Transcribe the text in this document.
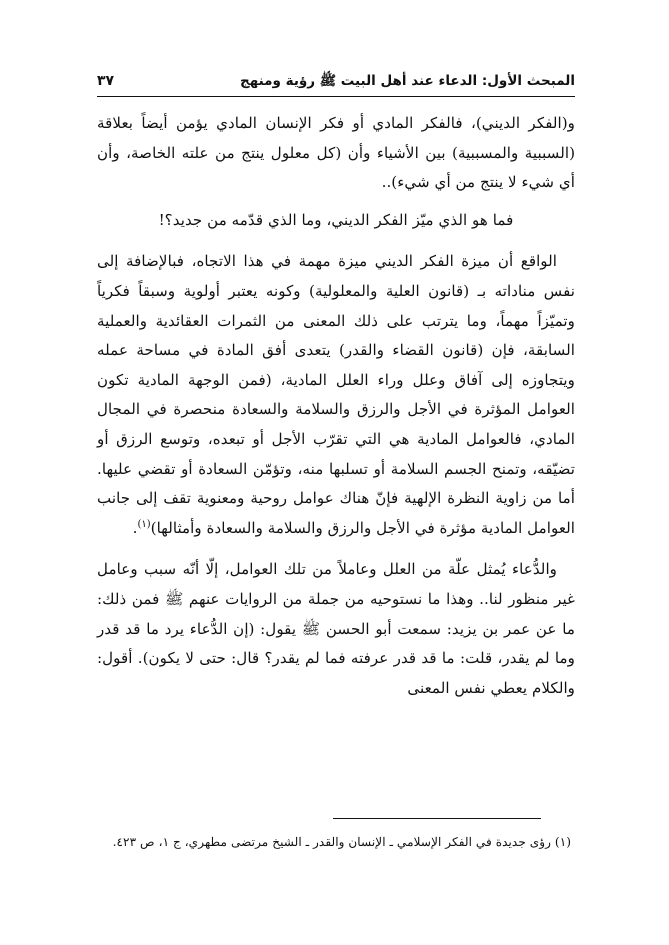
المبحث الأول: الدعاء عند أهل البيت ﷺ رؤية ومنهج
٣٧

و(الفكر الديني)، فالفكر المادي أو فكر الإنسان المادي يؤمن أيضاً بعلاقة (السببية والمسببية) بين الأشياء وأن (كل معلول ينتج من علته الخاصة، وأن أي شيء لا ينتج من أي شيء)..

فما هو الذي ميّز الفكر الديني، وما الذي قدّمه من جديد؟!

الواقع أن ميزة الفكر الديني ميزة مهمة في هذا الاتجاه، فبالإضافة إلى نفس مناداته بـ (قانون العلية والمعلولية) وكونه يعتبر أولوية وسبقاً فكرياً وتميّزاً مهماً، وما يترتب على ذلك المعنى من الثمرات العقائدية والعملية السابقة، فإن (قانون القضاء والقدر) يتعدى أفق المادة في مساحة عمله ويتجاوزه إلى آفاق وعلل وراء العلل المادية، (فمن الوجهة المادية تكون العوامل المؤثرة في الأجل والرزق والسلامة والسعادة منحصرة في المجال المادي، فالعوامل المادية هي التي تقرّب الأجل أو تبعده، وتوسع الرزق أو تضيّقه، وتمنح الجسم السلامة أو تسلبها منه، وتؤمّن السعادة أو تقضي عليها. أما من زاوية النظرة الإلهية فإنّ هناك عوامل روحية ومعنوية تقف إلى جانب العوامل المادية مؤثرة في الأجل والرزق والسلامة والسعادة وأمثالها)$^{(١)}$.

والدُّعاء يُمثل علّة من العلل وعاملاً من تلك العوامل، إلّا أنّه سبب وعامل غير منظور لنا.. وهذا ما نستوحيه من جملة من الروايات عنهم ﷺ فمن ذلك: ما عن عمر بن يزيد: سمعت أبو الحسن ﷺ يقول: (إن الدُّعاء يرد ما قد قدر وما لم يقدر، قلت: ما قد قدر عرفته فما لم يقدر؟ قال: حتى لا يكون). أقول: والكلام يعطي نفس المعنى

(١) رؤى جديدة في الفكر الإسلامي ـ الإنسان والقدر ـ الشيخ مرتضى مطهري، ج ١، ص ٤٢٣.
